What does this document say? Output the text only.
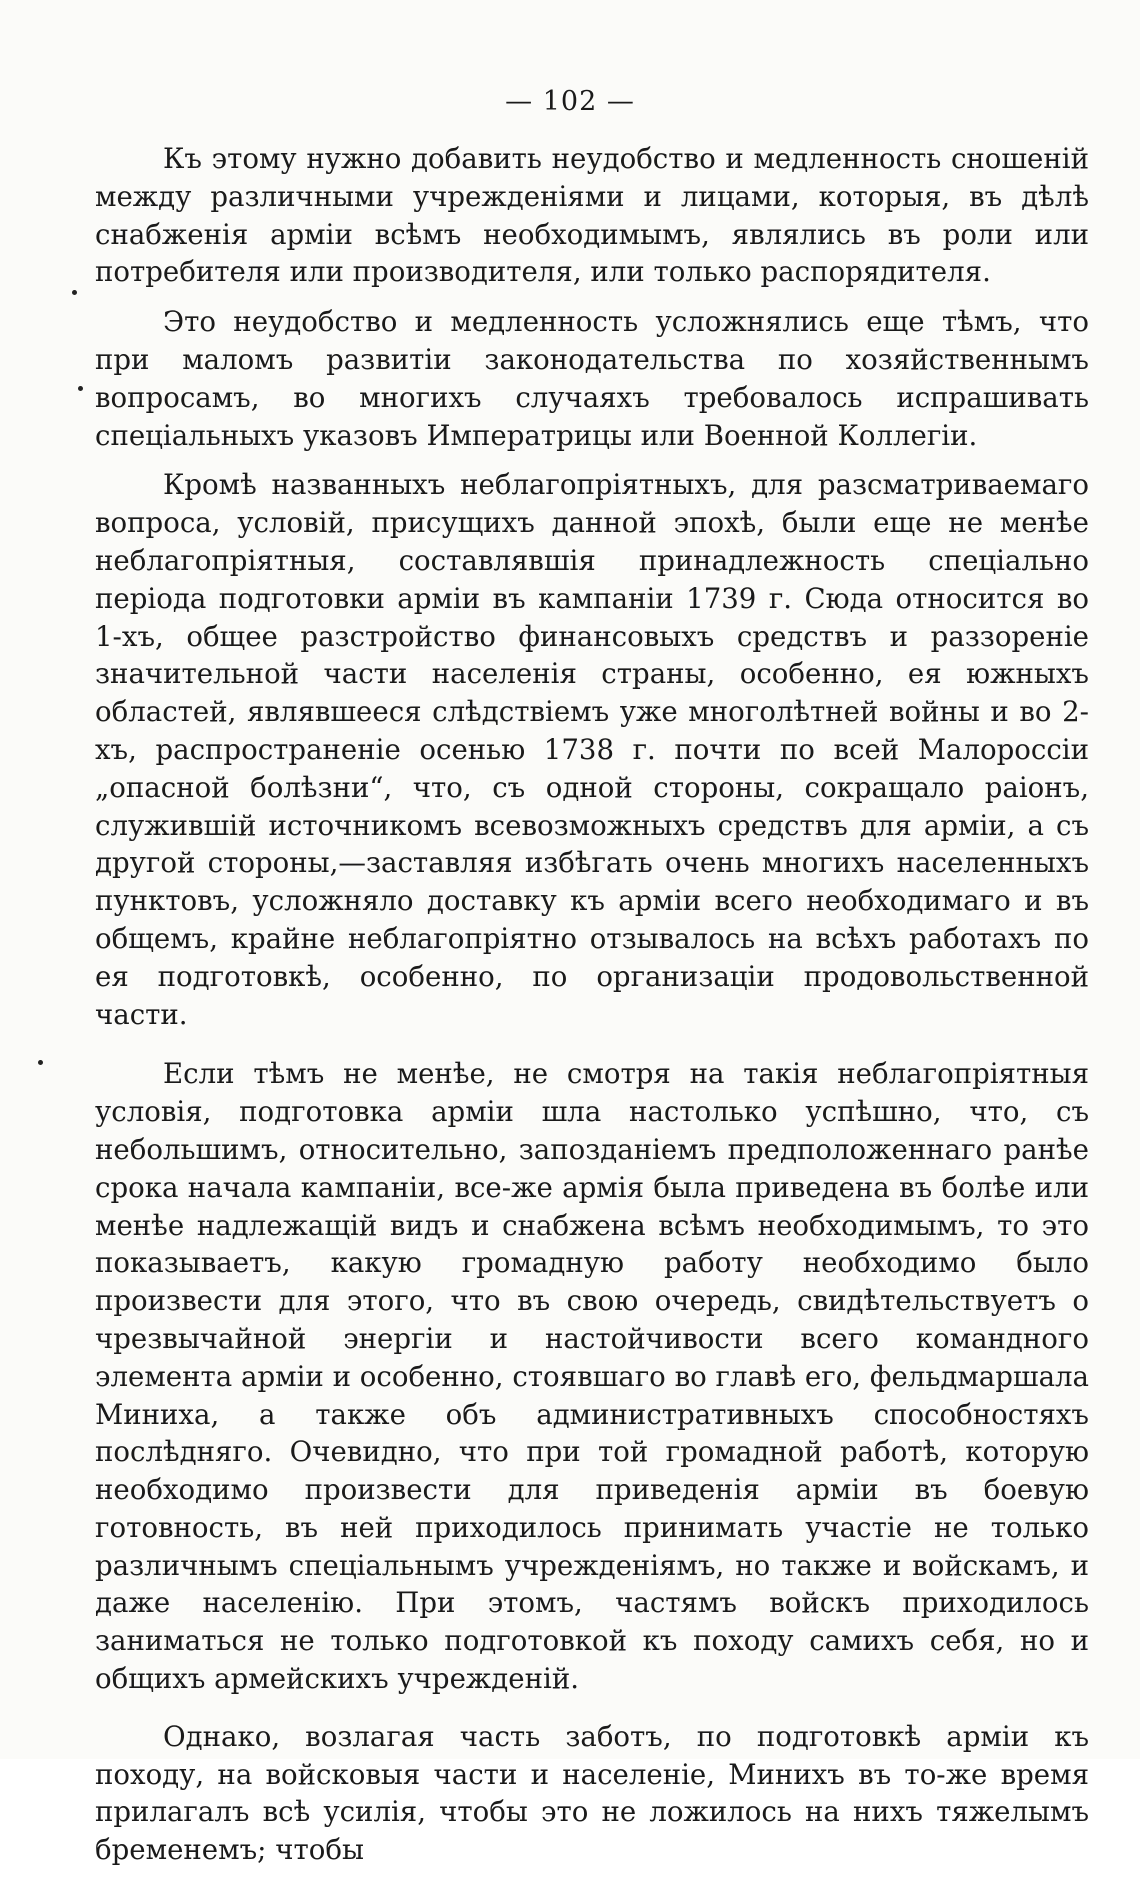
— 102 —

Къ этому нужно добавить неудобство и медленность сношенiй между различными учрежденiями и лицами, которыя, въ дѣлѣ снабженiя армiи всѣмъ необходимымъ, являлись въ роли или потребителя или производителя, или только распорядителя.

Это неудобство и медленность усложнялись еще тѣмъ, что при маломъ развитiи законодательства по хозяйственнымъ вопросамъ, во многихъ случаяхъ требовалось испрашивать спецiальныхъ указовъ Императрицы или Военной Коллегiи.

Кромѣ названныхъ неблагопрiятныхъ, для разсматриваемаго вопроса, условiй, присущихъ данной эпохѣ, были еще не менѣе неблагопрiятныя, составлявшiя принадлежность спецiально перiода подготовки армiи въ кампанiи 1739 г. Сюда относится во 1-хъ, общее разстройство финансовыхъ средствъ и раззоренiе значительной части населенiя страны, особенно, ея южныхъ областей, являвшееся слѣдствiемъ уже многолѣтней войны и во 2-хъ, распространенiе осенью 1738 г. почти по всей Малороссiи „опасной болѣзни“, что, съ одной стороны, сокращало раiонъ, служившiй источникомъ всевозможныхъ средствъ для армiи, а съ другой стороны,—заставляя избѣгать очень многихъ населенныхъ пунктовъ, усложняло доставку къ армiи всего необходимаго и въ общемъ, крайне неблагопрiятно отзывалось на всѣхъ работахъ по ея подготовкѣ, особенно, по организацiи продовольственной части.

Если тѣмъ не менѣе, не смотря на такiя неблагопрiятныя условiя, подготовка армiи шла настолько успѣшно, что, съ небольшимъ, относительно, запозданiемъ предположеннаго ранѣе срока начала кампанiи, все-же армiя была приведена въ болѣе или менѣе надлежащiй видъ и снабжена всѣмъ необходимымъ, то это показываетъ, какую громадную работу необходимо было произвести для этого, что въ свою очередь, свидѣтельствуетъ о чрезвычайной энергiи и настойчивости всего командного элемента армiи и особенно, стоявшаго во главѣ его, фельдмаршала Миниха, а также объ административныхъ способностяхъ послѣдняго. Очевидно, что при той громадной работѣ, которую необходимо произвести для приведенiя армiи въ боевую готовность, въ ней приходилось принимать участiе не только различнымъ спецiальнымъ учрежденiямъ, но также и войскамъ, и даже населенiю. При этомъ, частямъ войскъ приходилось заниматься не только подготовкой къ походу самихъ себя, но и общихъ армейскихъ учрежденiй.

Однако, возлагая часть заботъ, по подготовкѣ армiи къ походу, на войсковыя части и населенiе, Минихъ въ то-же время прилагалъ всѣ усилiя, чтобы это не ложилось на нихъ тяжелымъ бременемъ; чтобы
